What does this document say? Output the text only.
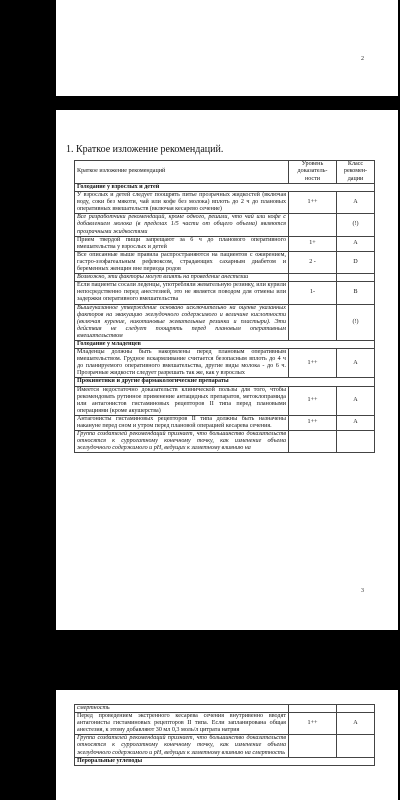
2
1. Краткое изложение рекомендаций.
Краткое изложение рекомендаций	Уровень доказатель-ности	Класс рекомен-дации
Голодание у взрослых и детей		
У взрослых и детей следует поощрять питье прозрачных жидкостей (включая воду, соки без мякоти, чай или кофе без молока) вплоть до 2 ч до плановых оперативных вмешательств (включая кесарево сечение)	1++	A
Все разработчики рекомендаций, кроме одного, решили, что чай или кофе с добавлением молока (в пределах 1/5 части от общего объема) являются прозрачными жидкостями		(!)
Прием твердой пищи запрещают за 6 ч до планового оперативного вмешательства у взрослых и детей	1+	A
Все описанные выше правила распространяются на пациентов с ожирением, гастро-эзофагеальным рефлюксом, страдающих сахарным диабетом и беременных женщин вне периода родов	2 -	D
Возможно, эти факторы могут влиять на проведение анестезии		
Если пациенты сосали леденцы, употребляли жевательную резинку, или курили непосредственно перед анестезией, это не является поводом для отмены или задержки оперативного вмешательства	1-	B
Вышеуказанное утверждение основано исключительно на оценке указанных факторов на эвакуацию желудочного содержимого и величине кислотности (включая курение, никотиновые жевательные резинки и пластыри). Эти действия не следует поощрять перед плановым оперативным вмешательством		(!)
Голодание у младенцев		
Младенцы должны быть накормлены перед плановым оперативным вмешательством. Грудное вскармливание считается безопасным вплоть до 4 ч до планируемого оперативного вмешательства, другие виды молока - до 6 ч. Прозрачные жидкости следует разрешать так же, как у взрослых	1++	A
Прокинетики и другие фармакологические препараты		
Имеется недостаточно доказательств клинической пользы для того, чтобы рекомендовать рутинное применение антацидных препаратов, метоклопрамида или антагонистов гистаминовых рецепторов II типа перед плановыми операциями (кроме акушерства)	1++	A
Антагонисты гистаминовых рецепторов II типа должны быть назначены накануне перед сном и утром перед плановой операцией кесарева сечения.	1++	A
Группа создателей рекомендаций признает, что большинство доказательств относятся к суррогатному конечному точку, как изменение объема желудочного содержимого и pH, ведущих к заметному влиянию на		
3
смертность		
Перед проведением экстренного кесарева сечения внутривенно вводят антагонисты гистаминовых рецепторов II типа. Если запланирована общая анестезия, к этому добавляют 30 мл 0,3 моль/л цитрата натрия	1++	A
Группа создателей рекомендаций признает, что большинство доказательств относятся к суррогатному конечному точку, как изменение объема желудочного содержимого и pH, ведущих к заметному влиянию на смертность		
Пероральные углеводы		
